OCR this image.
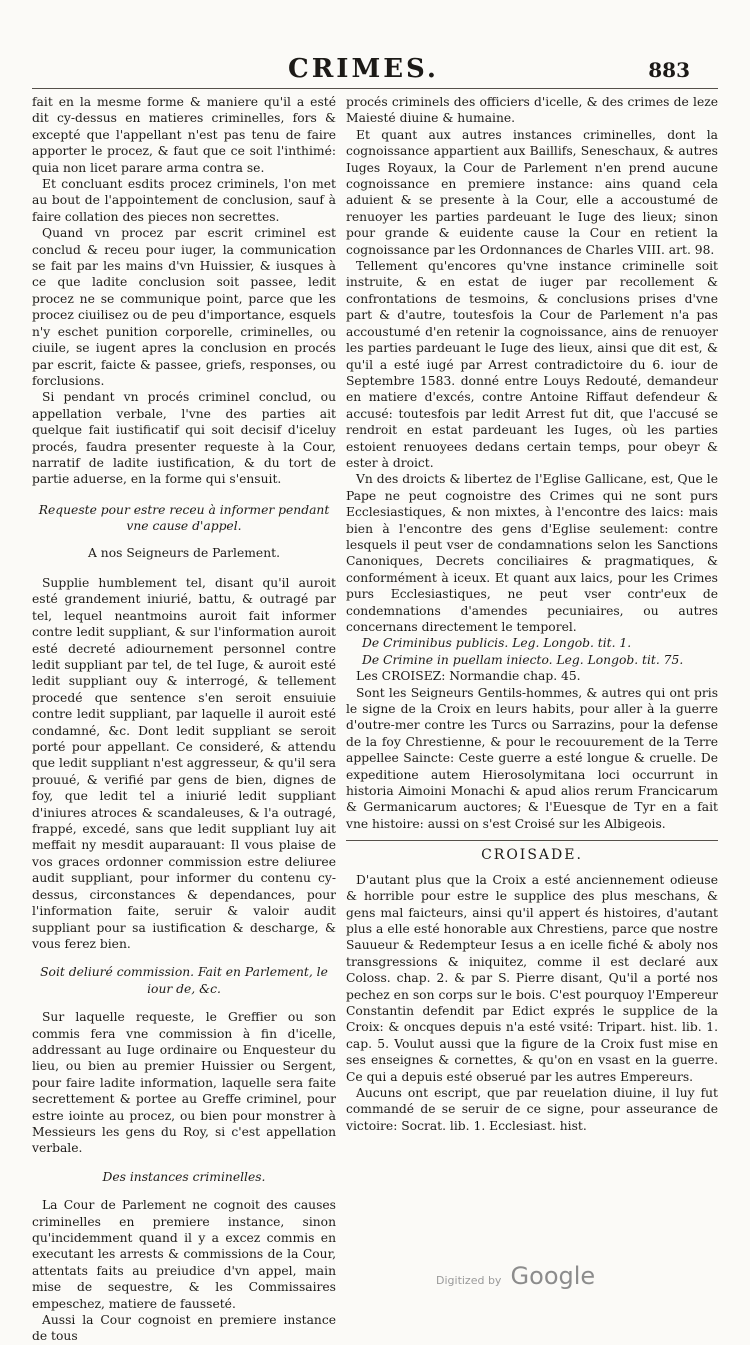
CRIMES.	883

fait en la mesme forme & maniere qu'il a esté dit cy-dessus en matieres criminelles, fors & excepté que l'appellant n'est pas tenu de faire apporter le procez, & faut que ce soit l'inthimé: quia non licet parare arma contra se.

Et concluant esdits procez criminels, l'on met au bout de l'appointement de conclusion, sauf à faire collation des pieces non secrettes.

Quand vn procez par escrit criminel est conclud & receu pour iuger, la communication se fait par les mains d'vn Huissier, & iusques à ce que ladite conclusion soit passee, ledit procez ne se communique point, parce que les procez ciuilisez ou de peu d'importance, esquels n'y eschet punition corporelle, criminelles, ou ciuile, se iugent apres la conclusion en procés par escrit, faicte & passee, griefs, responses, ou forclusions.

Si pendant vn procés criminel conclud, ou appellation verbale, l'vne des parties ait quelque fait iustificatif qui soit decisif d'iceluy procés, faudra presenter requeste à la Cour, narratif de ladite iustification, & du tort de partie aduerse, en la forme qui s'ensuit.

Requeste pour estre receu à informer pendant vne cause d'appel.
A nos Seigneurs de Parlement.

Supplie humblement tel, disant qu'il auroit esté grandement iniurié, battu, & outragé par tel, lequel neantmoins auroit fait informer contre ledit suppliant, & sur l'information auroit esté decreté adiournement personnel contre ledit suppliant par tel, de tel Iuge, & auroit esté ledit suppliant ouy & interrogé, & tellement procedé que sentence s'en seroit ensuiuie contre ledit suppliant, par laquelle il auroit esté condamné, &c. Dont ledit suppliant se seroit porté pour appellant. Ce consideré, & attendu que ledit suppliant n'est aggresseur, & qu'il sera prouué, & verifié par gens de bien, dignes de foy, que ledit tel a iniurié ledit suppliant d'iniures atroces & scandaleuses, & l'a outragé, frappé, excedé, sans que ledit suppliant luy ait meffait ny mesdit auparauant: Il vous plaise de vos graces ordonner commission estre deliuree audit suppliant, pour informer du contenu cy-dessus, circonstances & dependances, pour l'information faite, seruir & valoir audit suppliant pour sa iustification & descharge, & vous ferez bien.

Soit deliuré commission. Fait en Parlement, le iour de, &c.

Sur laquelle requeste, le Greffier ou son commis fera vne commission à fin d'icelle, addressant au Iuge ordinaire ou Enquesteur du lieu, ou bien au premier Huissier ou Sergent, pour faire ladite information, laquelle sera faite secrettement & portee au Greffe criminel, pour estre iointe au procez, ou bien pour monstrer à Messieurs les gens du Roy, si c'est appellation verbale.

Des instances criminelles.

La Cour de Parlement ne cognoit des causes criminelles en premiere instance, sinon qu'incidemment quand il y a excez commis en executant les arrests & commissions de la Cour, attentats faits au preiudice d'vn appel, main mise de sequestre, & les Commissaires empeschez, matiere de fausseté.

Aussi la Cour cognoist en premiere instance de tous

procés criminels des officiers d'icelle, & des crimes de leze Maiesté diuine & humaine.

Et quant aux autres instances criminelles, dont la cognoissance appartient aux Baillifs, Seneschaux, & autres Iuges Royaux, la Cour de Parlement n'en prend aucune cognoissance en premiere instance: ains quand cela aduient & se presente à la Cour, elle a accoustumé de renuoyer les parties pardeuant le Iuge des lieux; sinon pour grande & euidente cause la Cour en retient la cognoissance par les Ordonnances de Charles VIII. art. 98.

Tellement qu'encores qu'vne instance criminelle soit instruite, & en estat de iuger par recollement & confrontations de tesmoins, & conclusions prises d'vne part & d'autre, toutesfois la Cour de Parlement n'a pas accoustumé d'en retenir la cognoissance, ains de renuoyer les parties pardeuant le Iuge des lieux, ainsi que dit est, & qu'il a esté iugé par Arrest contradictoire du 6. iour de Septembre 1583. donné entre Louys Redouté, demandeur en matiere d'excés, contre Antoine Riffaut defendeur & accusé: toutesfois par ledit Arrest fut dit, que l'accusé se rendroit en estat pardeuant les Iuges, où les parties estoient renuoyees dedans certain temps, pour obeyr & ester à droict.

Vn des droicts & libertez de l'Eglise Gallicane, est, Que le Pape ne peut cognoistre des Crimes qui ne sont purs Ecclesiastiques, & non mixtes, à l'encontre des laics: mais bien à l'encontre des gens d'Eglise seulement: contre lesquels il peut vser de condamnations selon les Sanctions Canoniques, Decrets conciliaires & pragmatiques, & conformément à iceux. Et quant aux laics, pour les Crimes purs Ecclesiastiques, ne peut vser contr'eux de condemnations d'amendes pecuniaires, ou autres concernans directement le temporel.

De Criminibus publicis. Leg. Longob. tit. 1.

De Crimine in puellam iniecto. Leg. Longob. tit. 75.

Les CROISEZ: Normandie chap. 45.

Sont les Seigneurs Gentils-hommes, & autres qui ont pris le signe de la Croix en leurs habits, pour aller à la guerre d'outre-mer contre les Turcs ou Sarrazins, pour la defense de la foy Chrestienne, & pour le recouurement de la Terre appellee Saincte: Ceste guerre a esté longue & cruelle. De expeditione autem Hierosolymitana loci occurrunt in historia Aimoini Monachi & apud alios rerum Francicarum & Germanicarum auctores; & l'Euesque de Tyr en a fait vne histoire: aussi on s'est Croisé sur les Albigeois.

CROISADE.

D'autant plus que la Croix a esté anciennement odieuse & horrible pour estre le supplice des plus meschans, & gens mal faicteurs, ainsi qu'il appert és histoires, d'autant plus a elle esté honorable aux Chrestiens, parce que nostre Sauueur & Redempteur Iesus a en icelle fiché & aboly nos transgressions & iniquitez, comme il est declaré aux Coloss. chap. 2. & par S. Pierre disant, Qu'il a porté nos pechez en son corps sur le bois. C'est pourquoy l'Empereur Constantin defendit par Edict exprés le supplice de la Croix: & oncques depuis n'a esté vsité: Tripart. hist. lib. 1. cap. 5. Voulut aussi que la figure de la Croix fust mise en ses enseignes & cornettes, & qu'on en vsast en la guerre. Ce qui a depuis esté obserué par les autres Empereurs.

Aucuns ont escript, que par reuelation diuine, il luy fut commandé de se seruir de ce signe, pour asseurance de victoire: Socrat. lib. 1. Ecclesiast. hist.

Digitized by Google
